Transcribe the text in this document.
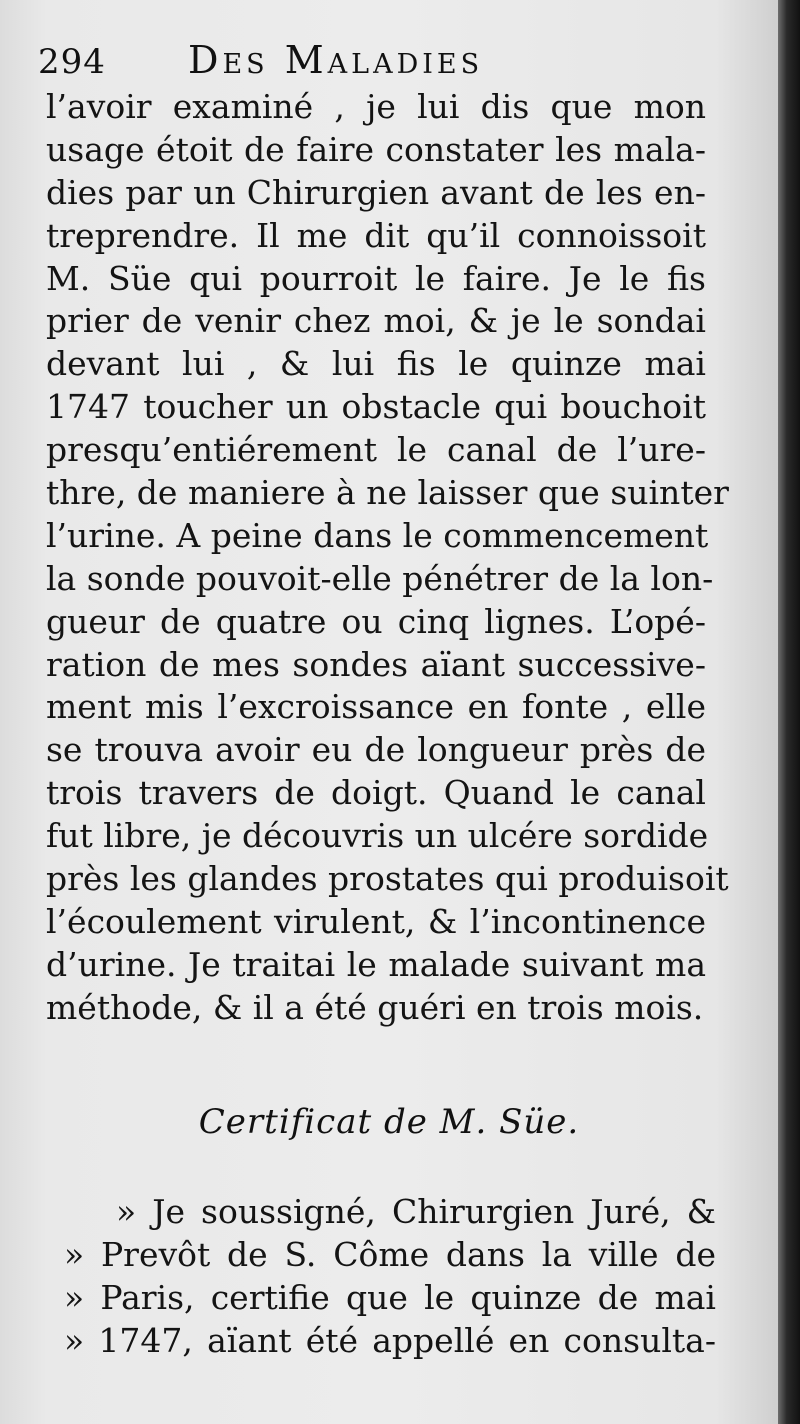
294 Des Maladies
l’avoir examiné , je lui dis que mon
usage étoit de faire constater les mala-
dies par un Chirurgien avant de les en-
treprendre. Il me dit qu’il connoissoit
M. Süe qui pourroit le faire. Je le fis
prier de venir chez moi, & je le sondai
devant lui , & lui fis le quinze mai
1747 toucher un obstacle qui bouchoit
presqu’entiérement le canal de l’ure-
thre, de maniere à ne laisser que suinter
l’urine. A peine dans le commencement
la sonde pouvoit-elle pénétrer de la lon-
gueur de quatre ou cinq lignes. L’opé-
ration de mes sondes aïant successive-
ment mis l’excroissance en fonte , elle
se trouva avoir eu de longueur près de
trois travers de doigt. Quand le canal
fut libre, je découvris un ulcére sordide
près les glandes prostates qui produisoit
l’écoulement virulent, & l’incontinence
d’urine. Je traitai le malade suivant ma
méthode, & il a été guéri en trois mois.
Certificat de M. Süe.
» Je soussigné, Chirurgien Juré, &
» Prevôt de S. Côme dans la ville de
» Paris, certifie que le quinze de mai
» 1747, aïant été appellé en consulta-
